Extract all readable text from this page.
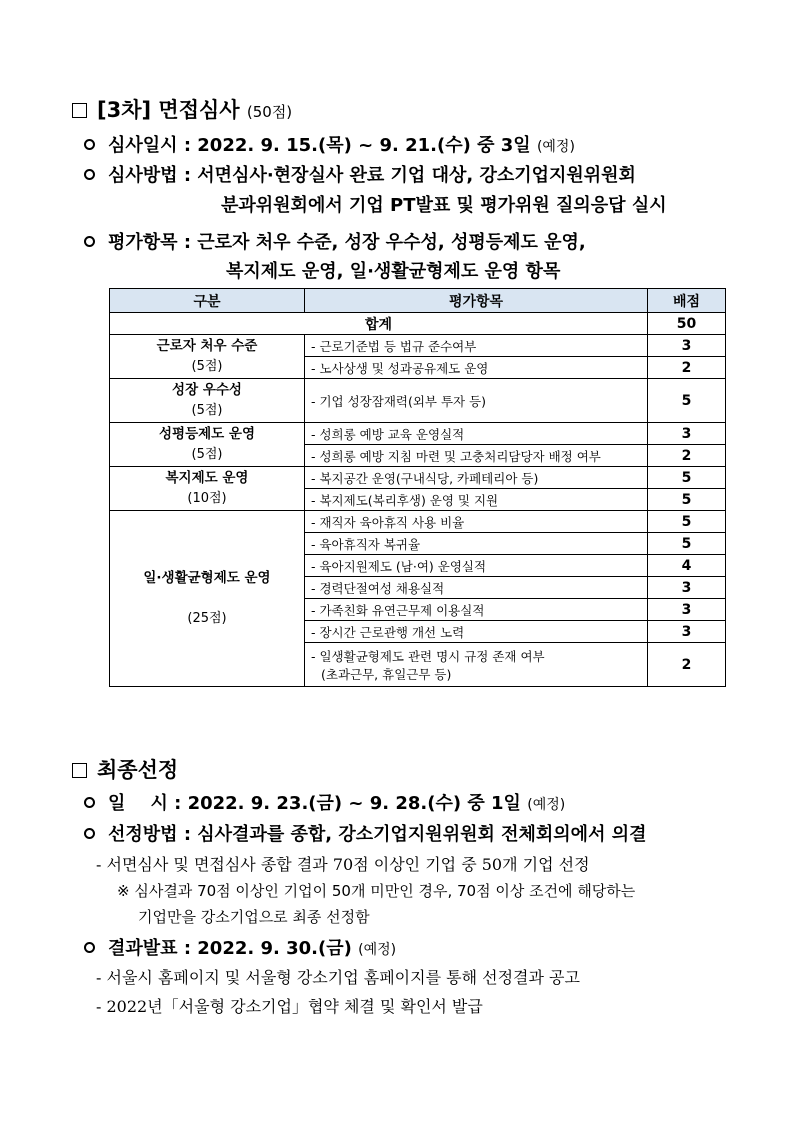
[3차] 면접심사 (50점)
심사일시 : 2022. 9. 15.(목) ~ 9. 21.(수) 중 3일 (예정)
심사방법 : 서면심사·현장실사 완료 기업 대상, 강소기업지원위원회
분과위원회에서 기업 PT발표 및 평가위원 질의응답 실시
평가항목 : 근로자 처우 수준, 성장 우수성, 성평등제도 운영,
복지제도 운영, 일·생활균형제도 운영 항목
구분	평가항목	배점
합계		50
근로자 처우 수준
(5점)	- 근로기준법 등 법규 준수여부	3
	- 노사상생 및 성과공유제도 운영	2
성장 우수성
(5점)	- 기업 성장잠재력(외부 투자 등)	5
성평등제도 운영
(5점)	- 성희롱 예방 교육 운영실적	3
	- 성희롱 예방 지침 마련 및 고충처리담당자 배정 여부	2
복지제도 운영
(10점)	- 복지공간 운영(구내식당, 카페테리아 등)	5
	- 복지제도(복리후생) 운영 및 지원	5
일·생활균형제도 운영

(25점)	- 재직자 육아휴직 사용 비율	5
	- 육아휴직자 복귀율	5
	- 육아지원제도 (남·여) 운영실적	4
	- 경력단절여성 채용실적	3
	- 가족친화 유연근무제 이용실적	3
	- 장시간 근로관행 개선 노력	3
	- 일생활균형제도 관련 명시 규정 존재 여부
(초과근무, 휴일근무 등)	2
최종선정
일    시 : 2022. 9. 23.(금) ~ 9. 28.(수) 중 1일 (예정)
선정방법 : 심사결과를 종합, 강소기업지원위원회 전체회의에서 의결
- 서면심사 및 면접심사 종합 결과 70점 이상인 기업 중 50개 기업 선정
※ 심사결과 70점 이상인 기업이 50개 미만인 경우, 70점 이상 조건에 해당하는
기업만을 강소기업으로 최종 선정함
결과발표 : 2022. 9. 30.(금) (예정)
- 서울시 홈페이지 및 서울형 강소기업 홈페이지를 통해 선정결과 공고
- 2022년「서울형 강소기업」협약 체결 및 확인서 발급
